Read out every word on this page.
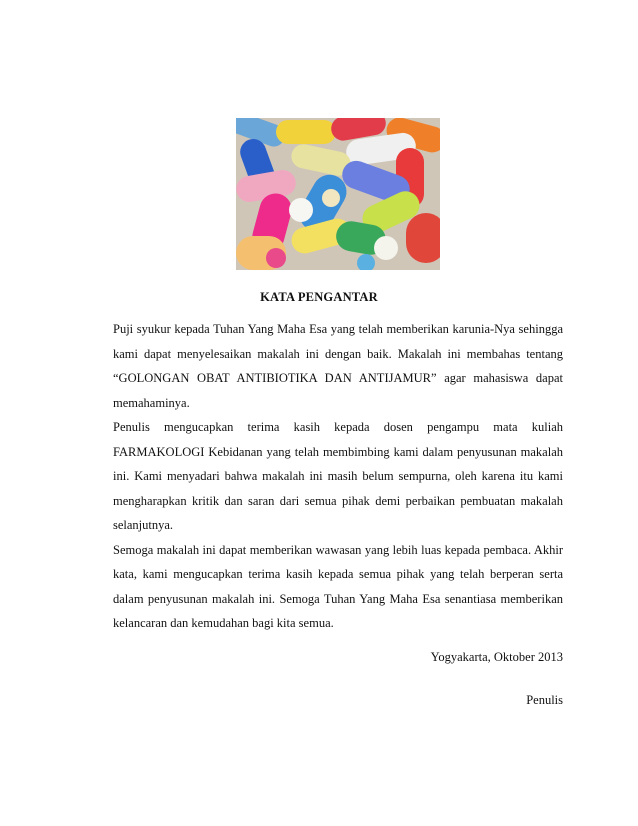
KATA PENGANTAR

Puji syukur kepada Tuhan Yang Maha Esa yang telah memberikan karunia-Nya sehingga kami dapat menyelesaikan makalah ini dengan baik. Makalah ini membahas tentang “GOLONGAN OBAT ANTIBIOTIKA DAN ANTIJAMUR” agar mahasiswa dapat memahaminya.

Penulis mengucapkan terima kasih kepada dosen pengampu mata kuliah FARMAKOLOGI Kebidanan yang telah membimbing kami dalam penyusunan makalah ini. Kami menyadari bahwa makalah ini masih belum sempurna, oleh karena itu kami mengharapkan kritik dan saran dari semua pihak demi perbaikan pembuatan makalah selanjutnya.

Semoga makalah ini dapat memberikan wawasan yang lebih luas kepada pembaca. Akhir kata, kami mengucapkan terima kasih kepada semua pihak yang telah berperan serta dalam penyusunan makalah ini. Semoga Tuhan Yang Maha Esa senantiasa memberikan kelancaran dan kemudahan bagi kita semua.

Yogyakarta, Oktober 2013
Penulis
